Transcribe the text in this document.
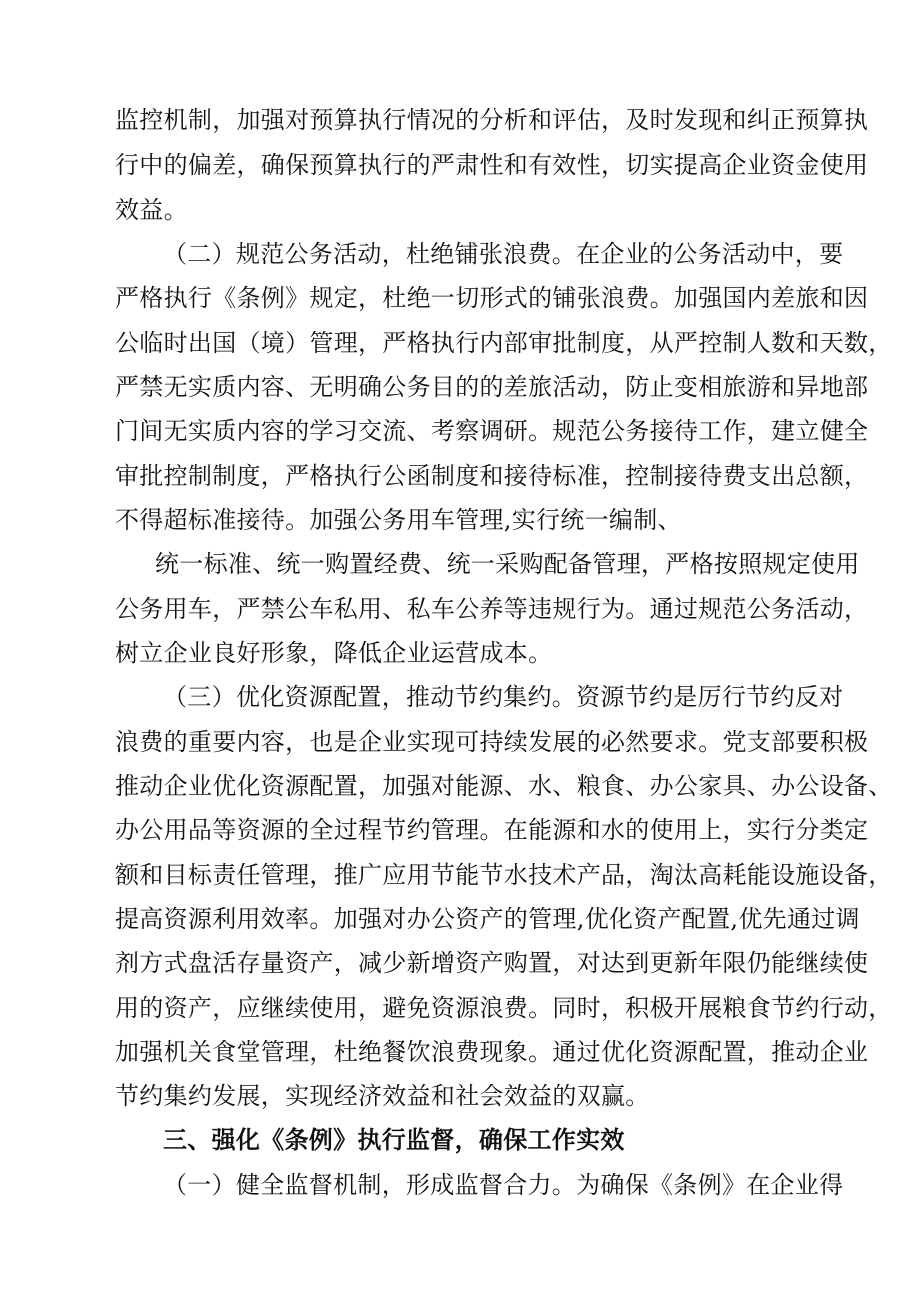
监控机制，加强对预算执行情况的分析和评估，及时发现和纠正预算执
行中的偏差，确保预算执行的严肃性和有效性，切实提高企业资金使用
效益。
（二）规范公务活动，杜绝铺张浪费。在企业的公务活动中，要
严格执行《条例》规定，杜绝一切形式的铺张浪费。加强国内差旅和因
公临时出国（境）管理，严格执行内部审批制度，从严控制人数和天数，
严禁无实质内容、无明确公务目的的差旅活动，防止变相旅游和异地部
门间无实质内容的学习交流、考察调研。规范公务接待工作，建立健全
审批控制制度，严格执行公函制度和接待标准，控制接待费支出总额，
不得超标准接待。加强公务用车管理,实行统一编制、
统一标准、统一购置经费、统一采购配备管理，严格按照规定使用
公务用车，严禁公车私用、私车公养等违规行为。通过规范公务活动，
树立企业良好形象，降低企业运营成本。
（三）优化资源配置，推动节约集约。资源节约是厉行节约反对
浪费的重要内容，也是企业实现可持续发展的必然要求。党支部要积极
推动企业优化资源配置，加强对能源、水、粮食、办公家具、办公设备、
办公用品等资源的全过程节约管理。在能源和水的使用上，实行分类定
额和目标责任管理，推广应用节能节水技术产品，淘汰高耗能设施设备，
提高资源利用效率。加强对办公资产的管理,优化资产配置,优先通过调
剂方式盘活存量资产，减少新增资产购置，对达到更新年限仍能继续使
用的资产，应继续使用，避免资源浪费。同时，积极开展粮食节约行动，
加强机关食堂管理，杜绝餐饮浪费现象。通过优化资源配置，推动企业
节约集约发展，实现经济效益和社会效益的双赢。
三、强化《条例》执行监督，确保工作实效
（一）健全监督机制，形成监督合力。为确保《条例》在企业得
